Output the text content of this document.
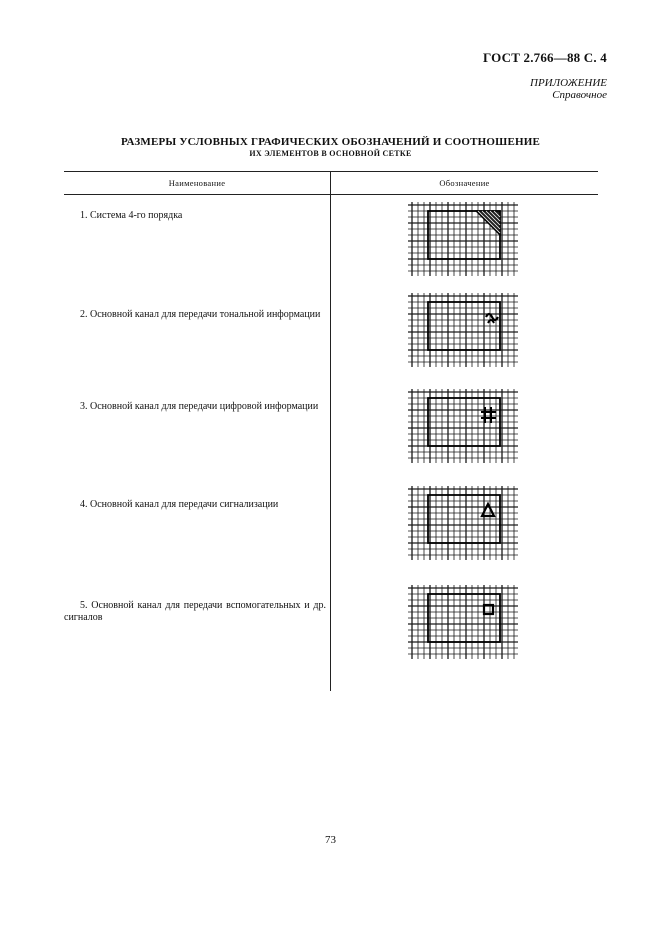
ГОСТ 2.766—88 С. 4
ПРИЛОЖЕНИЕ
Справочное
РАЗМЕРЫ УСЛОВНЫХ ГРАФИЧЕСКИХ ОБОЗНАЧЕНИЙ И СООТНОШЕНИЕ
ИХ ЭЛЕМЕНТОВ В ОСНОВНОЙ СЕТКЕ
Наименование	Обозначение
1. Система 4-го порядка
2. Основной канал для передачи тональной информации
3. Основной канал для передачи цифровой информации
4. Основной канал для передачи сигнализации
5. Основной канал для передачи вспомогательных и др. сигналов
73
